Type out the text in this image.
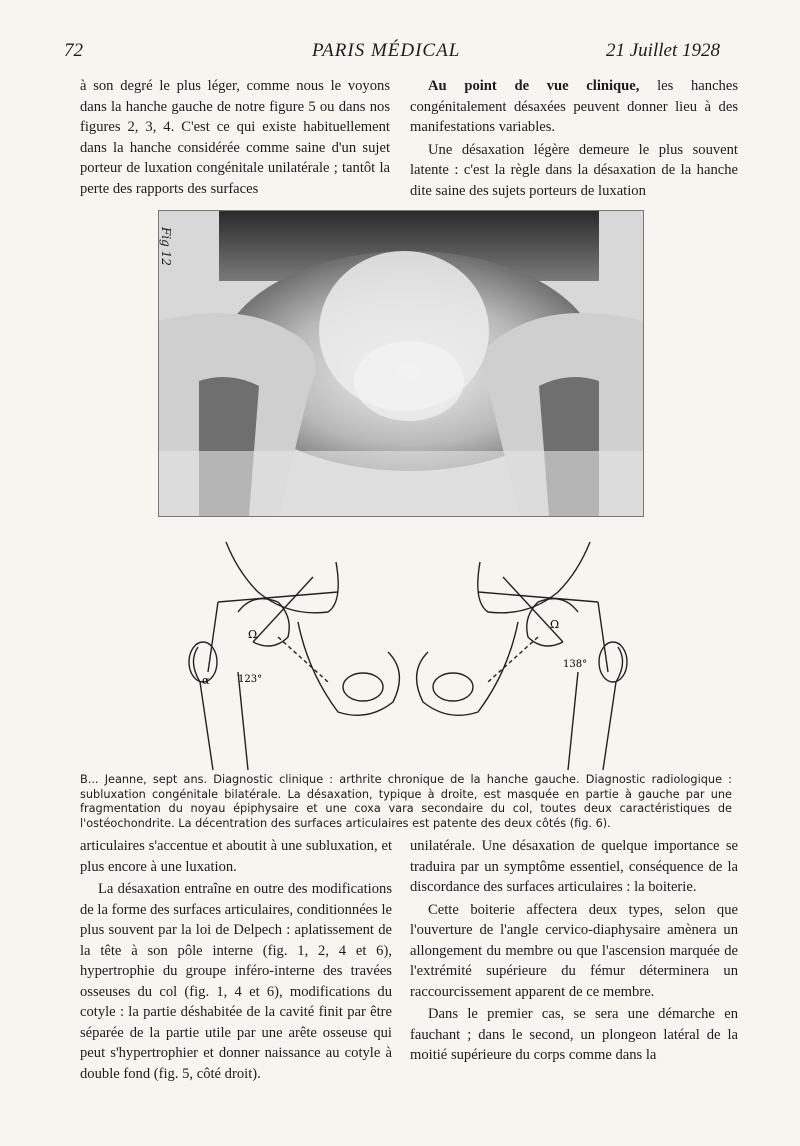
72	PARIS MÉDICAL	21 Juillet 1928

à son degré le plus léger, comme nous le voyons dans la hanche gauche de notre figure 5 ou dans nos figures 2, 3, 4. C'est ce qui existe habituellement dans la hanche considérée comme saine d'un sujet porteur de luxation congénitale unilatérale ; tantôt la perte des rapports des surfaces

Au point de vue clinique, les hanches congénitalement désaxées peuvent donner lieu à des manifestations variables.

Une désaxation légère demeure le plus souvent latente : c'est la règle dans la désaxation de la hanche dite saine des sujets porteurs de luxation

Fig 12
123°
138°
α
Ω
Ω
B... Jeanne, sept ans. Diagnostic clinique : arthrite chronique de la hanche gauche. Diagnostic radiologique : subluxation congénitale bilatérale. La désaxation, typique à droite, est masquée en partie à gauche par une fragmentation du noyau épiphysaire et une coxa vara secondaire du col, toutes deux caractéristiques de l'ostéochondrite. La décentration des surfaces articulaires est patente des deux côtés (fig. 6).

articulaires s'accentue et aboutit à une subluxation, et plus encore à une luxation.

La désaxation entraîne en outre des modifications de la forme des surfaces articulaires, conditionnées le plus souvent par la loi de Delpech : aplatissement de la tête à son pôle interne (fig. 1, 2, 4 et 6), hypertrophie du groupe inféro-interne des travées osseuses du col (fig. 1, 4 et 6), modifications du cotyle : la partie déshabitée de la cavité finit par être séparée de la partie utile par une arête osseuse qui peut s'hypertrophier et donner naissance au cotyle à double fond (fig. 5, côté droit).

unilatérale. Une désaxation de quelque importance se traduira par un symptôme essentiel, conséquence de la discordance des surfaces articulaires : la boiterie.

Cette boiterie affectera deux types, selon que l'ouverture de l'angle cervico-diaphysaire amènera un allongement du membre ou que l'ascension marquée de l'extrémité supérieure du fémur déterminera un raccourcissement apparent de ce membre.

Dans le premier cas, se sera une démarche en fauchant ; dans le second, un plongeon latéral de la moitié supérieure du corps comme dans la
